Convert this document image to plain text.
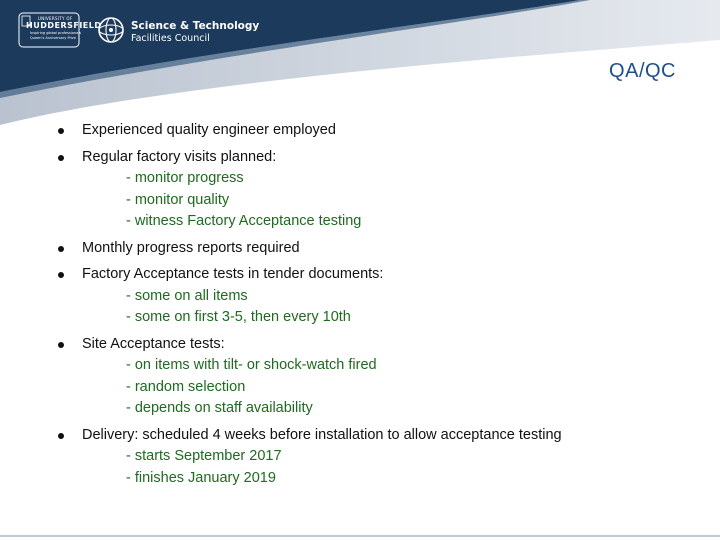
UNIVERSITY OF
HUDDERSFIELD
Inspiring global professionals
Queen's Anniversary Prize
Science & Technology
Facilities Council
QA/QC
Experienced quality engineer employed
Regular factory visits planned:
- monitor progress
- monitor quality
- witness Factory Acceptance testing
Monthly progress reports required
Factory Acceptance tests in tender documents:
- some on all items
- some on first 3-5, then every 10th
Site Acceptance tests:
- on items with tilt- or shock-watch fired
- random selection
- depends on staff availability
Delivery: scheduled 4 weeks before installation to allow acceptance testing
- starts September 2017
- finishes January 2019
